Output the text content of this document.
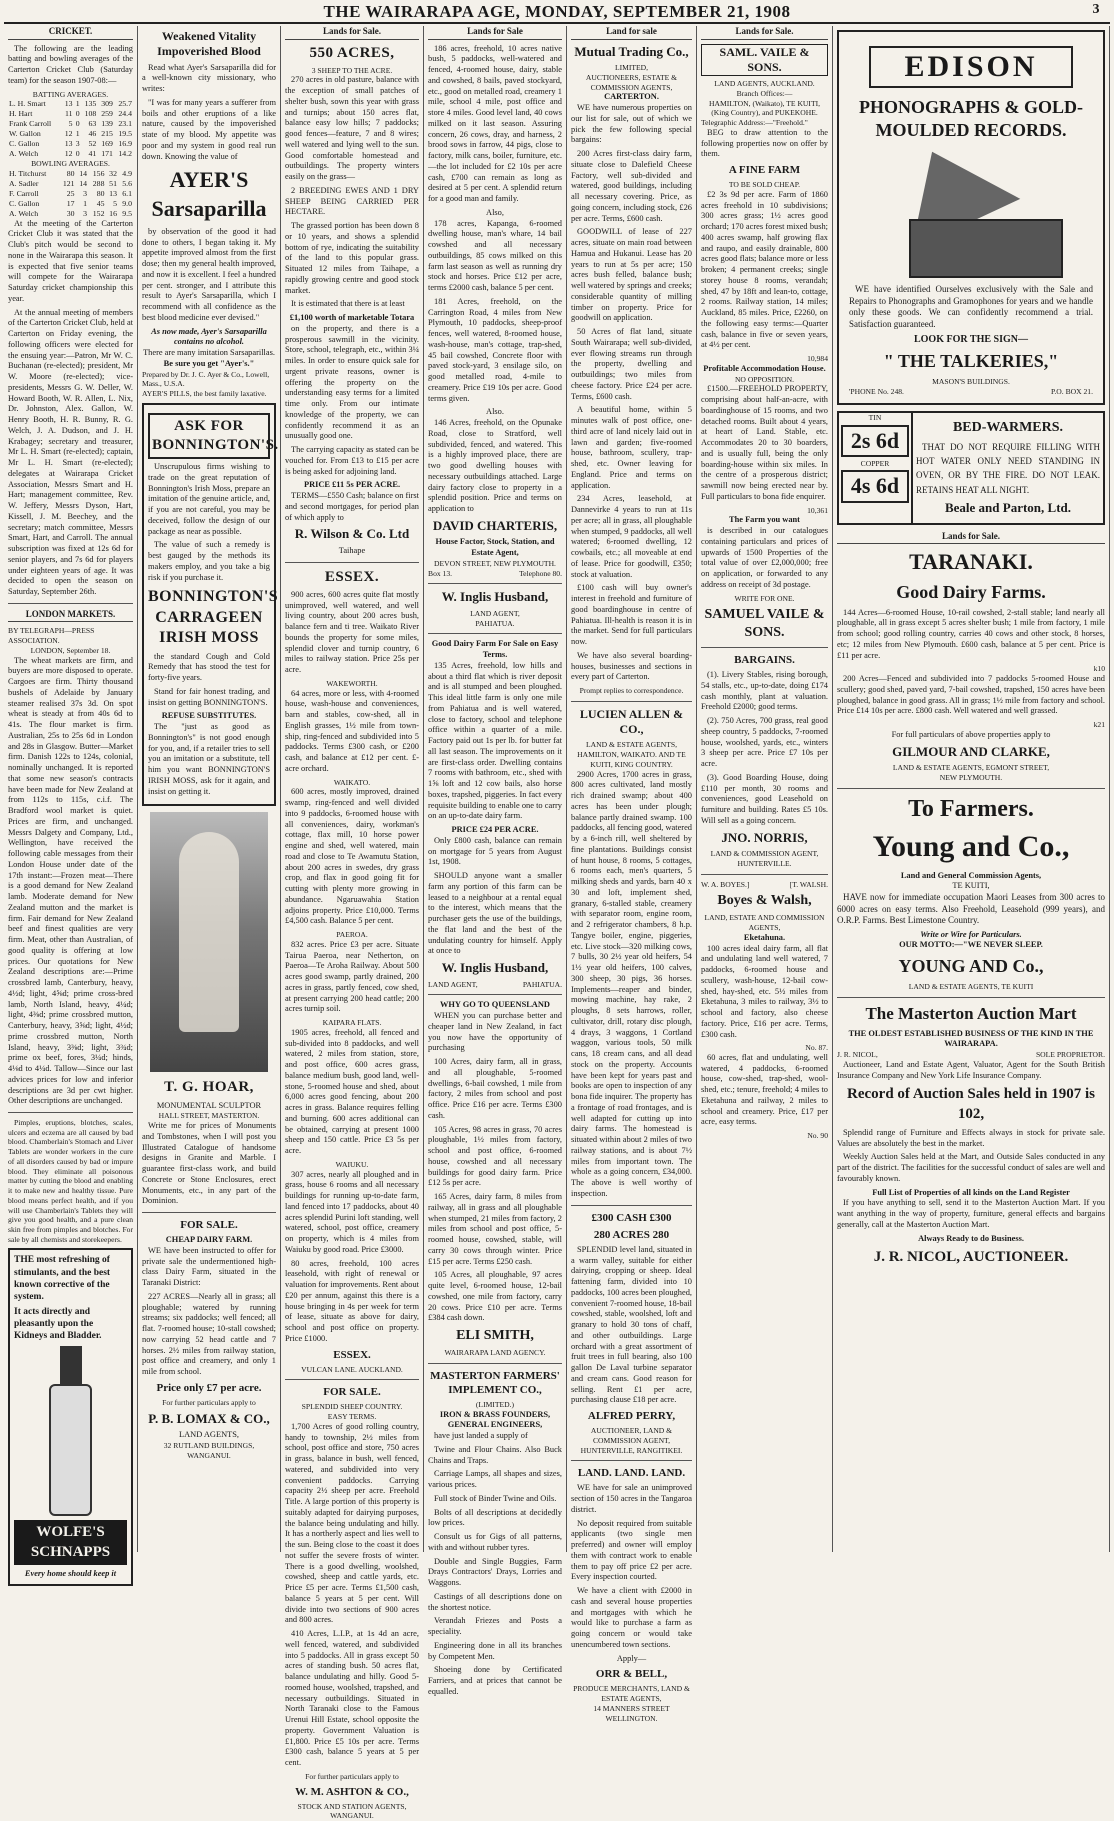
THE WAIRARAPA AGE, MONDAY, SEPTEMBER 21, 1908	3
CRICKET.

The following are the leading batting and bowling averages of the Carterton Cricket Club (Saturday team) for the season 1907-08:—

BATTING AVERAGES.
L. H. Smart	13	1	135	309	25.7
H. Hart	11	0	108	259	24.4
Frank Carroll	5	0	63	139	23.1
W. Gallon	12	1	46	215	19.5
C. Gallon	13	3	52	169	16.9
A. Welch	12	0	41	171	14.2
BOWLING AVERAGES.
H. Titchurst	80	14	156	32	4.9
A. Sadler	121	14	288	51	5.6
F. Carroll	25	3	80	13	6.1
C. Gallon	17	1	45	5	9.0
A. Welch	30	3	152	16	9.5

At the meeting of the Carterton Cricket Club it was stated that the Club's pitch would be second to none in the Wairarapa this season. It is expected that five senior teams will compete for the Wairarapa Saturday cricket championship this year.

At the annual meeting of members of the Carterton Cricket Club, held at Carterton on Friday evening, the following officers were elected for the ensuing year:—Patron, Mr W. C. Buchanan (re-elected); president, Mr W. Moore (re-elected); vice-presidents, Messrs G. W. Deller, W. Howard Booth, W. R. Allen, L. Nix, Dr. Johnston, Alex. Gallon, W. Henry Booth, H. R. Bunny, R. G. Welch, J. A. Dudson, and J. H. Krabagey; secretary and treasurer, Mr L. H. Smart (re-elected); captain, Mr L. H. Smart (re-elected); delegates at Wairarapa Cricket Association, Messrs Smart and H. Hart; management committee, Rev. W. Jeffery, Messrs Dyson, Hart, Kissell, J. M. Beechey, and the secretary; match committee, Messrs Smart, Hart, and Carroll. The annual subscription was fixed at 12s 6d for senior players, and 7s 6d for players under eighteen years of age. It was decided to open the season on Saturday, September 26th.

LONDON MARKETS.
BY TELEGRAPH—PRESS ASSOCIATION.
LONDON, September 18.

The wheat markets are firm, and buyers are more disposed to operate. Cargoes are firm. Thirty thousand bushels of Adelaide by January steamer realised 37s 3d. On spot wheat is steady at from 40s 6d to 41s. The flour market is firm. Australian, 25s to 25s 6d in London and 28s in Glasgow. Butter—Market firm. Danish 122s to 124s, colonial, nominally unchanged. It is reported that some new season's contracts have been made for New Zealand at from 112s to 115s, c.i.f. The Bradford wool market is quiet. Prices are firm, and unchanged. Messrs Dalgety and Company, Ltd., Wellington, have received the following cable messages from their London House under date of the 17th instant:—Frozen meat—There is a good demand for New Zealand lamb. Moderate demand for New Zealand mutton and the market is firm. Fair demand for New Zealand beef and finest qualities are very firm. Meat, other than Australian, of good quality is offering at low prices. Our quotations for New Zealand descriptions are:—Prime crossbred lamb, Canterbury, heavy, 4½d; light, 4⅝d; prime cross-bred lamb, North Island, heavy, 4¼d; light, 4⅜d; prime crossbred mutton, Canterbury, heavy, 3⅝d; light, 4½d; prime crossbred mutton, North Island, heavy, 3⅜d; light, 3¾d; prime ox beef, fores, 3¼d; hinds, 4⅛d to 4¼d. Tallow—Since our last advices prices for low and inferior descriptions are 3d per cwt higher. Other descriptions are unchanged.

Pimples, eruptions, blotches, scales, ulcers and eczema are all caused by bad blood. Chamberlain's Stomach and Liver Tablets are wonder workers in the cure of all disorders caused by bad or impure blood. They eliminate all poisonous matter by cutting the blood and enabling it to make new and healthy tissue. Pure blood means perfect health, and if you will use Chamberlain's Tablets they will give you good health, and a pure clean skin free from pimples and blotches. For sale by all chemists and storekeepers.

THE most refreshing of stimulants, and the best known corrective of the system.
It acts directly and pleasantly upon the Kidneys and Bladder.
WOLFE'S SCHNAPPS
Every home should keep it
Weakened Vitality Impoverished Blood

Read what Ayer's Sarsaparilla did for a well-known city missionary, who writes:

"I was for many years a sufferer from boils and other eruptions of a like nature, caused by the impoverished state of my blood. My appetite was poor and my system in good real run down. Knowing the value of

AYER'S Sarsaparilla

by observation of the good it had done to others, I began taking it. My appetite improved almost from the first dose; then my general health improved, and now it is excellent. I feel a hundred per cent. stronger, and I attribute this result to Ayer's Sarsaparilla, which I recommend with all confidence as the best blood medicine ever devised."

As now made, Ayer's Sarsaparilla contains no alcohol.
There are many imitation Sarsaparillas.
Be sure you get "Ayer's."
Prepared by Dr. J. C. Ayer & Co., Lowell, Mass., U.S.A.
AYER'S PILLS, the best family laxative.
ASK FOR BONNINGTON'S.

Unscrupulous firms wishing to trade on the great reputation of Bonnington's Irish Moss, prepare an imitation of the genuine article, and, if you are not careful, you may be deceived, follow the design of our package as near as possible.

The value of such a remedy is best gauged by the methods its makers employ, and you take a big risk if you purchase it.

BONNINGTON'S CARRAGEEN IRISH MOSS

the standard Cough and Cold Remedy that has stood the test for forty-five years.

Stand for fair honest trading, and insist on getting BONNINGTON'S.

REFUSE SUBSTITUTES.

The "just as good as Bonnington's" is not good enough for you, and, if a retailer tries to sell you an imitation or a substitute, tell him you want BONNINGTON'S IRISH MOSS, ask for it again, and insist on getting it.

T. G. HOAR,
MONUMENTAL SCULPTOR
HALL STREET, MASTERTON.

Write me for prices of Monuments and Tombstones, when I will post you Illustrated Catalogue of handsome designs in Granite and Marble. I guarantee first-class work, and build Concrete or Stone Enclosures, erect Monuments, etc., in any part of the Dominion.

FOR SALE.
CHEAP DAIRY FARM.

WE have been instructed to offer for private sale the undermentioned high-class Dairy Farm, situated in the Taranaki District:

227 ACRES—Nearly all in grass; all ploughable; watered by running streams; six paddocks; well fenced; all flat. 7-roomed house; 10-stall cowshed; now carrying 52 head cattle and 7 horses. 2½ miles from railway station, post office and creamery, and only 1 mile from school.

Price only £7 per acre.
For further particulars apply to
P. B. LOMAX & CO.,
LAND AGENTS,
32 RUTLAND BUILDINGS, WANGANUI.
Lands for Sale.
550 ACRES,
3 SHEEP TO THE ACRE.

270 acres in old pasture, balance with the exception of small patches of shelter bush, sown this year with grass and turnips; about 150 acres flat, balance easy low hills; 7 paddocks; good fences—feature, 7 and 8 wires; well watered and lying well to the sun. Good comfortable homestead and outbuildings. The property winters easily on the grass—

2 BREEDING EWES AND 1 DRY SHEEP BEING CARRIED PER HECTARE.

The grassed portion has been down 8 or 10 years, and shows a splendid bottom of rye, indicating the suitability of the land to this popular grass. Situated 12 miles from Taihape, a rapidly growing centre and good stock market.

It is estimated that there is at least

£1,100 worth of marketable Totara

on the property, and there is a prosperous sawmill in the vicinity. Store, school, telegraph, etc., within 3¼ miles. In order to ensure quick sale for urgent private reasons, owner is offering the property on the understanding easy terms for a limited time only. From our intimate knowledge of the property, we can confidently recommend it as an unusually good one.

The carrying capacity as stated can be vouched for. From £13 to £15 per acre is being asked for adjoining land.

PRICE £11 5s PER ACRE.

TERMS—£550 Cash; balance on first and second mortgages, for period plan of which apply to

R. Wilson & Co. Ltd
Taihape
ESSEX.

900 acres, 600 acres quite flat mostly unimproved, well watered, and well living country, about 200 acres bush, balance fern and ti tree. Waikato River bounds the property for some miles, splendid clover and turnip country, 6 miles to railway station. Price 25s per acre.

WAKEWORTH.

64 acres, more or less, with 4-roomed house, wash-house and conveniences, barn and stables, cow-shed, all in English grasses, 1½ mile from town-ship, ring-fenced and subdivided into 5 paddocks. Terms £300 cash, or £200 cash, and balance at £12 per cent. £-acre orchard.

WAIKATO.

600 acres, mostly improved, drained swamp, ring-fenced and well divided into 9 paddocks, 6-roomed house with all conveniences, dairy, workman's cottage, flax mill, 10 horse power engine and shed, well watered, main road and close to Te Awamutu Station, about 200 acres in swedes, dry grass crop, and flax in good going fit for cutting with plenty more growing in abundance. Ngaruawahia Station adjoins property. Price £10,000. Terms £4,500 cash. Balance 5 per cent.

PAEROA.

832 acres. Price £3 per acre. Situate Tairua Paeroa, near Netherton, on Paeroa—Te Aroha Railway. About 500 acres good swamp, partly drained, 200 acres in grass, partly fenced, cow shed, at present carrying 200 head cattle; 200 acres turnip soil.

KAIPARA FLATS.

1905 acres, freehold, all fenced and sub-divided into 8 paddocks, and well watered, 2 miles from station, store, and post office, 600 acres grass, balance medium bush, good land, well-stone, 5-roomed house and shed, about 6,000 acres good fencing, about 200 acres in grass. Balance requires felling and burning. 600 acres additional can be obtained, carrying at present 1000 sheep and 150 cattle. Price £3 5s per acre.

WAIUKU.

307 acres, nearly all ploughed and in grass, house 6 rooms and all necessary buildings for running up-to-date farm, land fenced into 17 paddocks, about 40 acres splendid Purini loft standing, well watered, school, post office, creamery on property, which is 4 miles from Waiuku by good road. Price £3000.

80 acres, freehold, 100 acres leasehold, with right of renewal or valuation for improvements. Rent about £20 per annum, against this there is a house bringing in 4s per week for term of lease, situate as above for dairy, school and post office on property. Price £1000.

ESSEX.
VULCAN LANE. AUCKLAND.
FOR SALE.
SPLENDID SHEEP COUNTRY.
EASY TERMS.

1,700 Acres of good rolling country, handy to township, 2½ miles from school, post office and store, 750 acres in grass, balance in bush, well fenced, watered, and subdivided into very convenient paddocks. Carrying capacity 2½ sheep per acre. Freehold Title. A large portion of this property is suitably adapted for dairying purposes, the balance being undulating and hilly. It has a northerly aspect and lies well to the sun. Being close to the coast it does not suffer the severe frosts of winter. There is a good dwelling, woolshed, cowshed, sheep and cattle yards, etc. Price £5 per acre. Terms £1,500 cash, balance 5 years at 5 per cent. Will divide into two sections of 900 acres and 800 acres.

410 Acres, L.I.P., at 1s 4d an acre, well fenced, watered, and subdivided into 5 paddocks. All in grass except 50 acres of standing bush. 50 acres flat, balance undulating and hilly. Good 5-roomed house, woolshed, trapshed, and necessary outbuildings. Situated in North Taranaki close to the Famous Urenui Hill Estate, school opposite the property. Government Valuation is £1,800. Price £5 10s per acre. Terms £300 cash, balance 5 years at 5 per cent.

For further particulars apply to
W. M. ASHTON & CO.,
STOCK AND STATION AGENTS,
WANGANUI.
Lands for Sale

186 acres, freehold, 10 acres native bush, 5 paddocks, well-watered and fenced, 4-roomed house, dairy, stable and cowshed, 8 bails, paved stockyard, etc., good on metalled road, creamery 1 mile, school 4 mile, post office and store 4 miles. Good level land, 40 cows milked on it last season. Assuring concern, 26 cows, dray, and harness, 2 brood sows in farrow, 44 pigs, close to factory, milk cans, boiler, furniture, etc.—the lot included for £2 10s per acre cash, £700 can remain as long as desired at 5 per cent. A splendid return for a good man and family.

Also,

178 acres, Kapanga, 6-roomed dwelling house, man's whare, 14 bail cowshed and all necessary outbuildings, 85 cows milked on this farm last season as well as running dry stock and horses. Price £12 per acre, terms £2000 cash, balance 5 per cent.

181 Acres, freehold, on the Carrington Road, 4 miles from New Plymouth, 10 paddocks, sheep-proof fences, well watered, 8-roomed house, wash-house, man's cottage, trap-shed, 45 bail cowshed, Concrete floor with paved stock-yard, 3 ensilage silo, on good metalled road, 4-mile to creamery. Price £19 10s per acre. Good terms given.

Also.

146 Acres, freehold, on the Opunake Road, close to Stratford, well subdivided, fenced, and watered. This is a highly improved place, there are two good dwelling houses with necessary outbuildings attached. Large dairy factory close to property in a splendid position. Price and terms on application to

DAVID CHARTERIS,
House Factor, Stock, Station, and Estate Agent,
DEVON STREET, NEW PLYMOUTH.
Box 13.	Telephone 80.
W. Inglis Husband,
LAND AGENT,
PAHIATUA.
Good Dairy Farm For Sale on Easy Terms.

135 Acres, freehold, low hills and about a third flat which is river deposit and is all stumped and been ploughed. This ideal little farm is only one mile from Pahiatua and is well watered, close to factory, school and telephone office within a quarter of a mile. Factory paid out 1s per lb. for butter fat all last season. The improvements on it are first-class order. Dwelling contains 7 rooms with bathroom, etc., shed with 1⅝ loft and 12 cow bails, also horse boxes, trapshed, piggeries. In fact every requisite building to enable one to carry on an up-to-date dairy farm.

PRICE £24 PER ACRE.

Only £800 cash, balance can remain on mortgage for 5 years from August 1st, 1908.

SHOULD anyone want a smaller farm any portion of this farm can be leased to a neighbour at a rental equal to the interest, which means that the purchaser gets the use of the buildings, the flat land and the best of the undulating country for himself. Apply at once to

W. Inglis Husband,
LAND AGENT,	PAHIATUA.
WHY GO TO QUEENSLAND

WHEN you can purchase better and cheaper land in New Zealand, in fact you now have the opportunity of purchasing

100 Acres, dairy farm, all in grass, and all ploughable, 5-roomed dwellings, 6-bail cowshed, 1 mile from factory, 2 miles from school and post office. Price £16 per acre. Terms £300 cash.

105 Acres, 98 acres in grass, 70 acres ploughable, 1½ miles from factory, school and post office, 6-roomed house, cowshed and all necessary buildings for good dairy farm. Price £12 5s per acre.

165 Acres, dairy farm, 8 miles from railway, all in grass and all ploughable when stumped, 21 miles from factory, 2 miles from school and post office, 5-roomed house, cowshed, stable, will carry 30 cows through winter. Price £15 per acre. Terms £250 cash.

105 Acres, all ploughable, 97 acres quite level, 6-roomed house, 12-bail cowshed, one mile from factory, carry 20 cows. Price £10 per acre. Terms £384 cash down.

ELI SMITH,
WAIRARAPA LAND AGENCY.
MASTERTON FARMERS' IMPLEMENT CO.,
(LIMITED.)
IRON & BRASS FOUNDERS,
GENERAL ENGINEERS,

have just landed a supply of

Twine and Flour Chains. Also Buck Chains and Traps.

Carriage Lamps, all shapes and sizes, various prices.

Full stock of Binder Twine and Oils.

Bolts of all descriptions at decidedly low prices.

Consult us for Gigs of all patterns, with and without rubber tyres.

Double and Single Buggies, Farm Drays Contractors' Drays, Lorries and Waggons.

Castings of all descriptions done on the shortest notice.

Verandah Friezes and Posts a speciality.

Engineering done in all its branches by Competent Men.

Shoeing done by Certificated Farriers, and at prices that cannot be equalled.

Land for sale
Mutual Trading Co.,
LIMITED,
AUCTIONEERS, ESTATE & COMMISSION AGENTS,
CARTERTON.

WE have numerous properties on our list for sale, out of which we pick the few following special bargains:

200 Acres first-class dairy farm, situate close to Dalefield Cheese Factory, well sub-divided and watered, good buildings, including all necessary covering. Price, as going concern, including stock, £26 per acre. Terms, £600 cash.

GOODWILL of lease of 227 acres, situate on main road between Hamua and Hukanui. Lease has 20 years to run at 5s per acre; 150 acres bush felled, balance bush; well watered by springs and creeks; considerable quantity of milling timber on property. Price for goodwill on application.

50 Acres of flat land, situate South Wairarapa; well sub-divided, ever flowing streams run through the property, dwelling and outbuildings; two miles from cheese factory. Price £24 per acre. Terms, £600 cash.

A beautiful home, within 5 minutes walk of post office, one-third acre of land nicely laid out in lawn and garden; five-roomed house, bathroom, scullery, trap-shed, etc. Owner leaving for England. Price and terms on application.

234 Acres, leasehold, at Dannevirke 4 years to run at 11s per acre; all in grass, all ploughable when stumped, 9 paddocks, all well watered; 6-roomed dwelling, 12 cowbails, etc.; all moveable at end of lease. Price for goodwill, £350; stock at valuation.

£100 cash will buy owner's interest in freehold and furniture of good boardinghouse in centre of Pahiatua. Ill-health is reason it is in the market. Send for full particulars now.

We have also several boarding-houses, businesses and sections in every part of Carterton.

Prompt replies to correspondence.
LUCIEN ALLEN & CO.,
LAND & ESTATE AGENTS,
HAMILTON, WAIKATO. AND TE KUITI, KING COUNTRY.

2900 Acres, 1700 acres in grass, 800 acres cultivated, land mostly rich drained swamp; about 400 acres has been under plough; balance partly drained swamp. 100 paddocks, all fencing good, watered by a 6-inch rill, well sheltered by fine plantations. Buildings consist of hunt house, 8 rooms, 5 cottages, 6 rooms each, men's quarters, 5 milking sheds and yards, barn 40 x 30 and loft, implement shed, granary, 6-stalled stable, creamery with separator room, engine room, and 2 refrigerator chambers, 8 h.p. Tangye boiler, engine, piggeries, etc. Live stock—320 milking cows, 7 bulls, 30 2½ year old heifers, 54 1½ year old heifers, 100 calves, 300 sheep, 30 pigs, 36 horses. Implements—reaper and binder, mowing machine, hay rake, 2 ploughs, 8 sets harrows, roller, cultivator, drill, rotary disc plough, 4 drays, 3 waggons, 1 Cortland waggon, various tools, 50 milk cans, 18 cream cans, and all dead stock on the property. Accounts have been kept for years past and books are open to inspection of any bona fide inquirer. The property has a frontage of road frontages, and is well adapted for cutting up into dairy farms. The homestead is situated within about 2 miles of two railway stations, and is about 7½ miles from important town. The whole as a going concern, £34,000. The above is well worthy of inspection.

£300 CASH £300
280 ACRES 280

SPLENDID level land, situated in a warm valley, suitable for either dairying, cropping or sheep. Ideal fattening farm, divided into 10 paddocks, 100 acres been ploughed, convenient 7-roomed house, 18-bail cowshed, stable, woolshed, loft and granary to hold 30 tons of chaff, and other outbuildings. Large orchard with a great assortment of fruit trees in full bearing, also 100 gallon De Laval turbine separator and cream cans. Good reason for selling. Rent £1 per acre, purchasing clause £18 per acre.

ALFRED PERRY,
AUCTIONEER, LAND & COMMISSION AGENT,
HUNTERVILLE, RANGITIKEI.
LAND. LAND. LAND.

WE have for sale an unimproved section of 150 acres in the Tangaroa district.

No deposit required from suitable applicants (two single men preferred) and owner will employ them with contract work to enable them to pay off price £2 per acre. Every inspection courted.

We have a client with £2000 in cash and several house properties and mortgages with which he would like to purchase a farm as going concern or would take unencumbered town sections.

Apply—
ORR & BELL,
PRODUCE MERCHANTS, LAND & ESTATE AGENTS,
14 MANNERS STREET WELLINGTON.
Lands for Sale.
SAML. VAILE & SONS.
LAND AGENTS, AUCKLAND.
Branch Offices:—
HAMILTON, (Waikato), TE KUITI, (King Country), and PUKEKOHE.
Telegraphic Address:—"Freehold."

BEG to draw attention to the following properties now on offer by them.

A FINE FARM
TO BE SOLD CHEAP.

£2 3s 9d per acre. Farm of 1860 acres freehold in 10 subdivisions; 300 acres grass; 1½ acres good orchard; 170 acres forest mixed bush; 400 acres swamp, half growing flax and raupo, and easily drainable, 800 acres good flats; balance more or less broken; 4 permanent creeks; single storey house 8 rooms, verandah; shed, 47 by 18ft and lean-to, cottage, 2 rooms. Railway station, 14 miles; Auckland, 85 miles. Price, £2260, on the following easy terms:—Quarter cash, balance in five or seven years, at 4½ per cent.

10,984
Profitable Accommodation House.
NO OPPOSITION.

£1500.—FREEHOLD PROPERTY, comprising about half-an-acre, with boardinghouse of 15 rooms, and two detached rooms. Built about 4 years, at heart of Land. Stable, etc. Accommodates 20 to 30 boarders, and is usually full, being the only boarding-house within six miles. In the centre of a prosperous district; sawmill now being erected near by. Full particulars to bona fide enquirer.

10,361
The Farm you want

is described in our catalogues containing particulars and prices of upwards of 1500 Properties of the total value of over £2,000,000; free on application, or forwarded to any address on receipt of 3d postage.

WRITE FOR ONE.
SAMUEL VAILE & SONS.
BARGAINS.

(1). Livery Stables, rising borough, 54 stalls, etc., up-to-date, doing £174 cash monthly, plant at valuation. Freehold £2000; good terms.

(2). 750 Acres, 700 grass, real good sheep country, 5 paddocks, 7-roomed house, woolshed, yards, etc., winters 3 sheep per acre. Price £7 10s per acre.

(3). Good Boarding House, doing £110 per month, 30 rooms and conveniences, good Leasehold on furniture and building. Rates £5 10s. Will sell as a going concern.

JNO. NORRIS,
LAND & COMMISSION AGENT,
HUNTERVILLE.
W. A. BOYES.]	[T. WALSH.
Boyes & Walsh,
LAND, ESTATE AND COMMISSION AGENTS,
Eketahuna.

100 acres ideal dairy farm, all flat and undulating land well watered, 7 paddocks, 6-roomed house and scullery, wash-house, 12-bail cow-shed, hay-shed, etc. 5½ miles from Eketahuna, 3 miles to railway, 3½ to school and factory, also cheese factory. Price, £16 per acre. Terms, £300 cash.

No. 87.

60 acres, flat and undulating, well watered, 4 paddocks, 6-roomed house, cow-shed, trap-shed, wool-shed, etc.; tenure, freehold; 4 miles to Eketahuna and railway, 2 miles to school and creamery. Price, £17 per acre, easy terms.

No. 90
EDISON
PHONOGRAPHS & GOLD-MOULDED RECORDS.

WE have identified Ourselves exclusively with the Sale and Repairs to Phonographs and Gramophones for years and we handle only these goods. We can confidently recommend a trial. Satisfaction guaranteed.

LOOK FOR THE SIGN—
" THE TALKERIES,"
MASON'S BUILDINGS.
'PHONE No. 248.	P.O. BOX 21.
TIN
2s 6d
COPPER
4s 6d
BED-WARMERS.

THAT DO NOT REQUIRE FILLING WITH HOT WATER ONLY NEED STANDING IN OVEN, OR BY THE FIRE. DO NOT LEAK. RETAINS HEAT ALL NIGHT.

Beale and Parton, Ltd.
Lands for Sale.
TARANAKI.
Good Dairy Farms.

144 Acres—6-roomed House, 10-rail cowshed, 2-stall stable; land nearly all ploughable, all in grass except 5 acres shelter bush; 1 mile from factory, 1 mile from school; good rolling country, carries 40 cows and other stock, 8 horses, etc; 12 miles from New Plymouth. £600 cash, balance at 5 per cent. Price is £11 per acre.

k10

200 Acres—Fenced and subdivided into 7 paddocks 5-roomed House and scullery; good shed, paved yard, 7-bail cowshed, trapshed, 150 acres have been ploughed, balance in good grass. All in grass; 1½ mile from factory and school. Price £14 10s per acre. £800 cash. Well watered and well grassed.

k21
For full particulars of above properties apply to
GILMOUR AND CLARKE,
LAND & ESTATE AGENTS, EGMONT STREET,
NEW PLYMOUTH.
To Farmers.
Young and Co.,
Land and General Commission Agents,
TE KUITI,

HAVE now for immediate occupation Maori Leases from 300 acres to 6000 acres on easy terms. Also Freehold, Leasehold (999 years), and O.R.P. Farms. Best Limestone Country.

Write or Wire for Particulars.
OUR MOTTO:—"WE NEVER SLEEP.
YOUNG AND Co.,
LAND & ESTATE AGENTS, TE KUITI
The Masterton Auction Mart
THE OLDEST ESTABLISHED BUSINESS OF THE KIND IN THE WAIRARAPA.
J. R. NICOL,	SOLE PROPRIETOR.

Auctioneer, Land and Estate Agent, Valuator, Agent for the South British Insurance Company and New York Life Insurance Company.

Record of Auction Sales held in 1907 is 102,

Splendid range of Furniture and Effects always in stock for private sale. Values are absolutely the best in the market.

Weekly Auction Sales held at the Mart, and Outside Sales conducted in any part of the district. The facilities for the successful conduct of sales are well and favourably known.

Full List of Properties of all kinds on the Land Register

If you have anything to sell, send it to the Masterton Auction Mart. If you want anything in the way of property, furniture, general effects and bargains generally, call at the Masterton Auction Mart.

Always Ready to do Business.
J. R. NICOL, AUCTIONEER.
